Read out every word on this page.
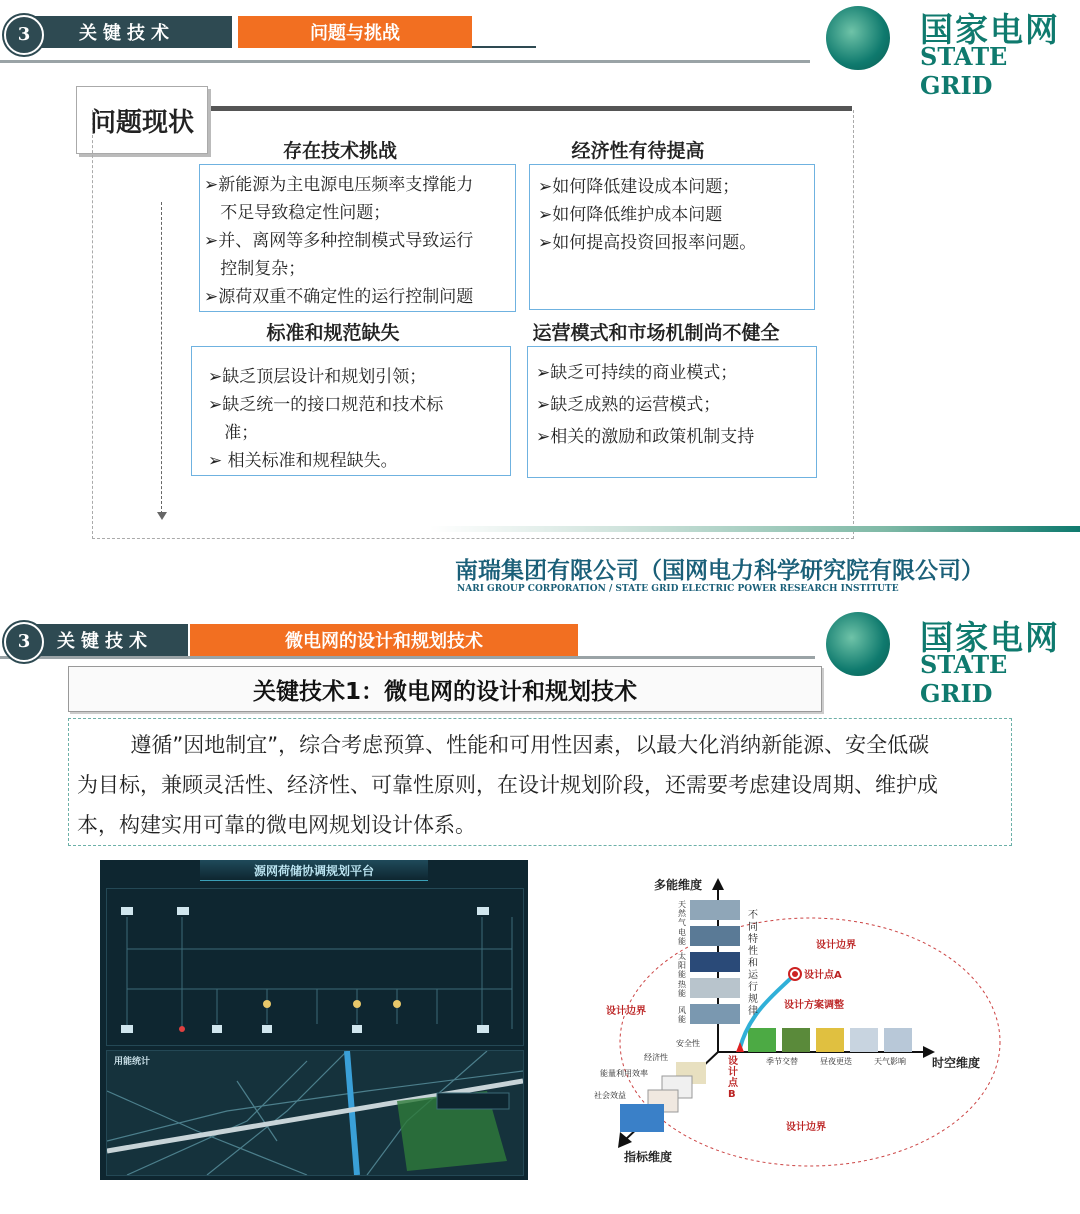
关键技术
3	问题与挑战	国家电网
STATE GRID
问题现状
存在技术挑战
➢新能源为主电源电压频率支撑能力
不足导致稳定性问题；
➢并、离网等多种控制模式导致运行
控制复杂；
➢源荷双重不确定性的运行控制问题
经济性有待提高
➢如何降低建设成本问题；
➢如何降低维护成本问题
➢如何提高投资回报率问题。
标准和规范缺失
➢缺乏顶层设计和规划引领；
➢缺乏统一的接口规范和技术标
准；
➢ 相关标准和规程缺失。
运营模式和市场机制尚不健全
➢缺乏可持续的商业模式；
➢缺乏成熟的运营模式；
➢相关的激励和政策机制支持
南瑞集团有限公司（国网电力科学研究院有限公司）
NARI GROUP CORPORATION / STATE GRID ELECTRIC POWER RESEARCH INSTITUTE
关键技术
3	微电网的设计和规划技术	国家电网
STATE GRID
关键技术1：微电网的设计和规划技术
遵循”因地制宜”，综合考虑预算、性能和可用性因素，以最大化消纳新能源、安全低碳
为目标，兼顾灵活性、经济性、可靠性原则，在设计规划阶段，还需要考虑建设周期、维护成
本，构建实用可靠的微电网规划设计体系。
源网荷储协调规划平台
用能统计
多能维度
时空维度
指标维度
不同特性和运行规律
天然气
电能
太阳能
热能
风能
设计边界
设计边界
设计边界
设计点A
设计方案调整
设计点B
季节交替	昼夜更迭	天气影响
安全性
经济性
能量利用效率
社会效益
